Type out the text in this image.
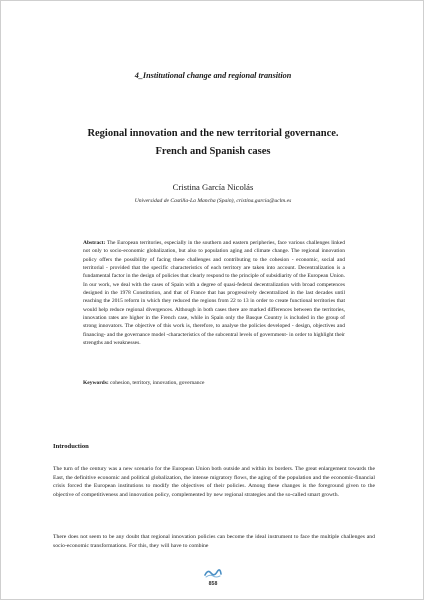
4_Institutional change and regional transition
Regional innovation and the new territorial governance.
French and Spanish cases
Cristina García Nicolás
Universidad de Castilla-La Mancha (Spain), cristina.garcia@uclm.es
Abstract: The European territories, especially in the southern and eastern peripheries, face various challenges linked not only to socio-economic globalization, but also to population aging and climate change. The regional innovation policy offers the possibility of facing these challenges and contributing to the cohesion - economic, social and territorial - provided that the specific characteristics of each territory are taken into account. Decentralization is a fundamental factor in the design of policies that clearly respond to the principle of subsidiarity of the European Union. In our work, we deal with the cases of Spain with a degree of quasi-federal decentralization with broad competences designed in the 1978 Constitution, and that of France that has progressively decentralized in the last decades until reaching the 2015 reform in which they reduced the regions from 22 to 13 in order to create functional territories that would help reduce regional divergences. Although in both cases there are marked differences between the territories, innovation rates are higher in the French case, while in Spain only the Basque Country is included in the group of strong innovators. The objective of this work is, therefore, to analyse the policies developed - design, objectives and financing- and the governance model -characteristics of the subcentral levels of government- in order to highlight their strengths and weaknesses.
Keywords: cohesion, territory, innovation, governance
Introduction
The turn of the century was a new scenario for the European Union both outside and within its borders. The great enlargement towards the East, the definitive economic and political globalization, the intense migratory flows, the aging of the population and the economic-financial crisis forced the European institutions to modify the objectives of their policies. Among these changes is the foreground given to the objective of competitiveness and innovation policy, complemented by new regional strategies and the so-called smart growth.
There does not seem to be any doubt that regional innovation policies can become the ideal instrument to face the multiple challenges and socio-economic transformations. For this, they will have to combine
858
